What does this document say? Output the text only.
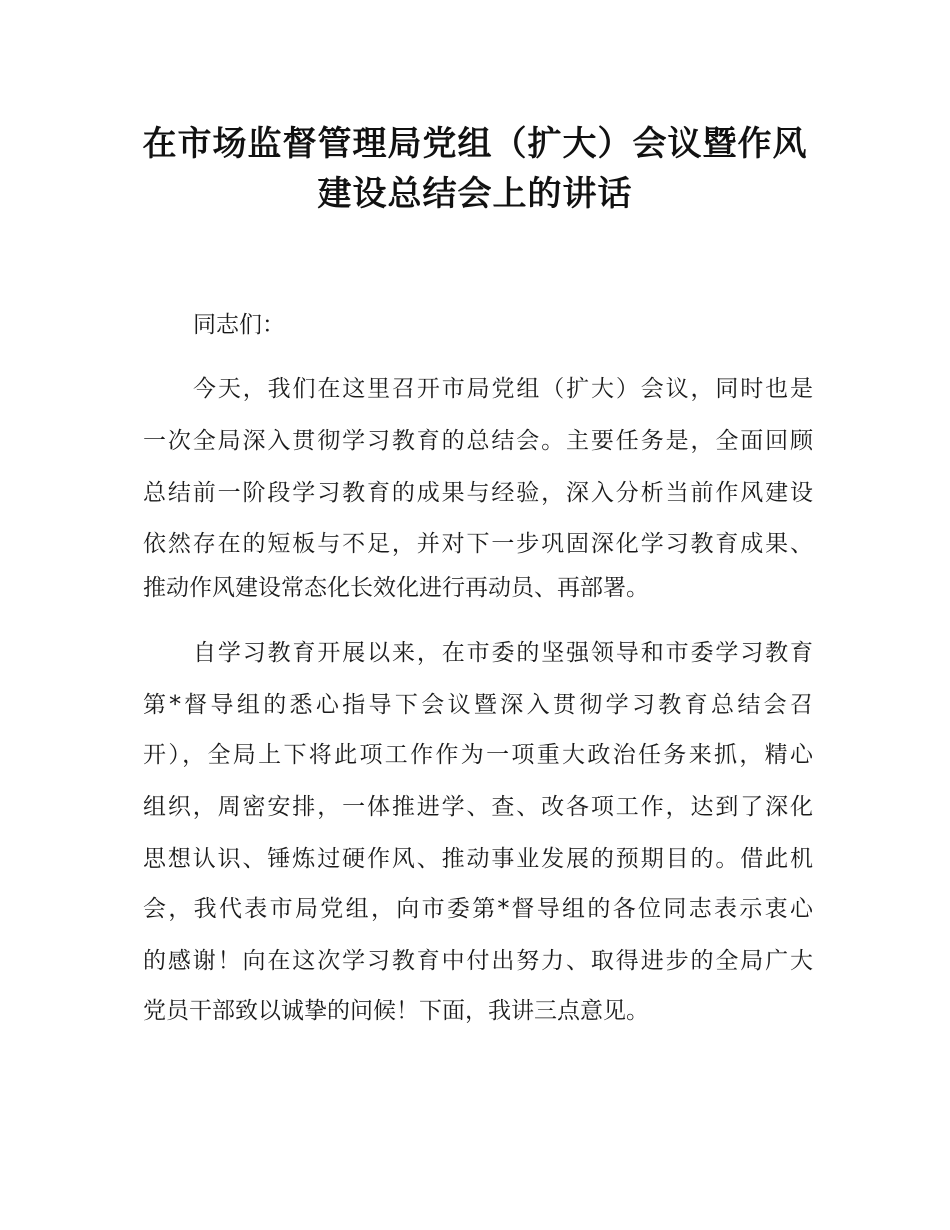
在市场监督管理局党组（扩大）会议暨作风
建设总结会上的讲话

同志们：

今天，我们在这里召开市局党组（扩大）会议，同时也是

一次全局深入贯彻学习教育的总结会。主要任务是，全面回顾

总结前一阶段学习教育的成果与经验，深入分析当前作风建设

依然存在的短板与不足，并对下一步巩固深化学习教育成果、

推动作风建设常态化长效化进行再动员、再部署。

自学习教育开展以来，在市委的坚强领导和市委学习教育

第*督导组的悉心指导下会议暨深入贯彻学习教育总结会召

开），全局上下将此项工作作为一项重大政治任务来抓，精心

组织，周密安排，一体推进学、查、改各项工作，达到了深化

思想认识、锤炼过硬作风、推动事业发展的预期目的。借此机

会，我代表市局党组，向市委第*督导组的各位同志表示衷心

的感谢！向在这次学习教育中付出努力、取得进步的全局广大

党员干部致以诚挚的问候！下面，我讲三点意见。
